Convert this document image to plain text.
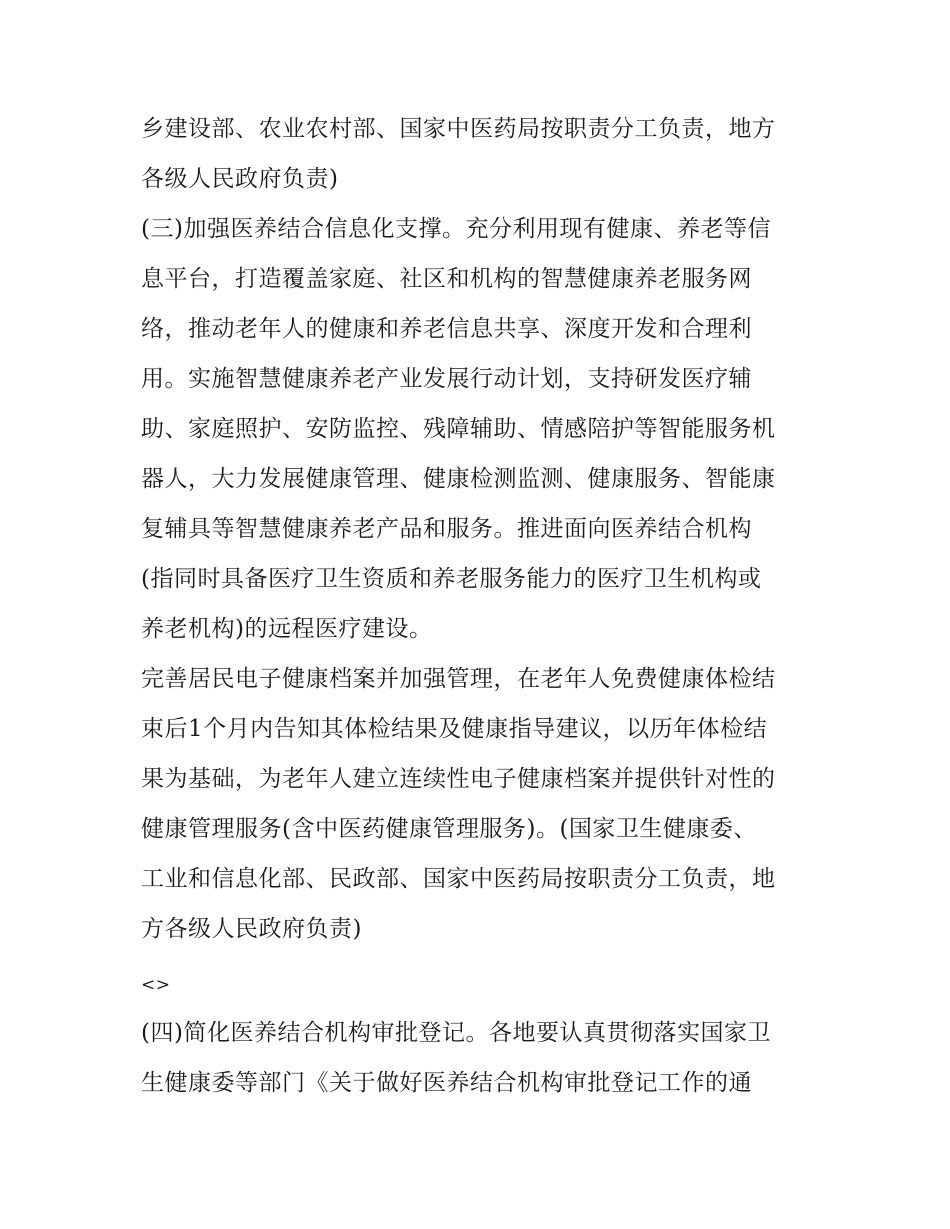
乡建设部、农业农村部、国家中医药局按职责分工负责，地方
各级人民政府负责)
(三)加强医养结合信息化支撑。充分利用现有健康、养老等信
息平台，打造覆盖家庭、社区和机构的智慧健康养老服务网
络，推动老年人的健康和养老信息共享、深度开发和合理利
用。实施智慧健康养老产业发展行动计划，支持研发医疗辅
助、家庭照护、安防监控、残障辅助、情感陪护等智能服务机
器人，大力发展健康管理、健康检测监测、健康服务、智能康
复辅具等智慧健康养老产品和服务。推进面向医养结合机构
(指同时具备医疗卫生资质和养老服务能力的医疗卫生机构或
养老机构)的远程医疗建设。
完善居民电子健康档案并加强管理，在老年人免费健康体检结
束后1个月内告知其体检结果及健康指导建议，以历年体检结
果为基础，为老年人建立连续性电子健康档案并提供针对性的
健康管理服务(含中医药健康管理服务)。(国家卫生健康委、
工业和信息化部、民政部、国家中医药局按职责分工负责，地
方各级人民政府负责)
<>
(四)简化医养结合机构审批登记。各地要认真贯彻落实国家卫
生健康委等部门《关于做好医养结合机构审批登记工作的通
